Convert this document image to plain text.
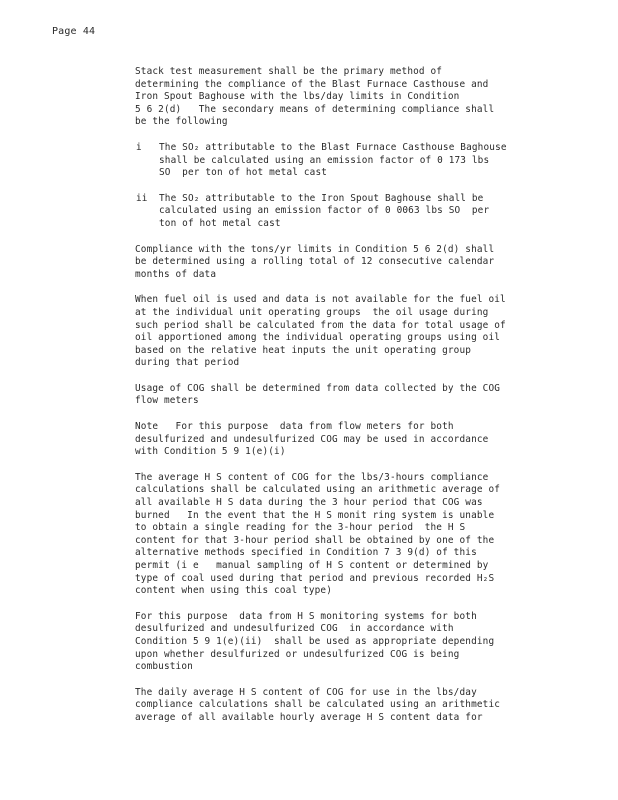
Page 44

Stack test measurement shall be the primary method of
determining the compliance of the Blast Furnace Casthouse and
Iron Spout Baghouse with the lbs/day limits in Condition
5 6 2(d)   The secondary means of determining compliance shall
be the following

i	The SO₂ attributable to the Blast Furnace Casthouse Baghouse
shall be calculated using an emission factor of 0 173 lbs
SO  per ton of hot metal cast
ii	The SO₂ attributable to the Iron Spout Baghouse shall be
calculated using an emission factor of 0 0063 lbs SO  per
ton of hot metal cast

Compliance with the tons/yr limits in Condition 5 6 2(d) shall
be determined using a rolling total of 12 consecutive calendar
months of data

When fuel oil is used and data is not available for the fuel oil
at the individual unit operating groups  the oil usage during
such period shall be calculated from the data for total usage of
oil apportioned among the individual operating groups using oil
based on the relative heat inputs the unit operating group
during that period

Usage of COG shall be determined from data collected by the COG
flow meters

Note   For this purpose  data from flow meters for both
desulfurized and undesulfurized COG may be used in accordance
with Condition 5 9 1(e)(i)

The average H S content of COG for the lbs/3-hours compliance
calculations shall be calculated using an arithmetic average of
all available H S data during the 3 hour period that COG was
burned   In the event that the H S monit ring system is unable
to obtain a single reading for the 3-hour period  the H S
content for that 3-hour period shall be obtained by one of the
alternative methods specified in Condition 7 3 9(d) of this
permit (i e   manual sampling of H S content or determined by
type of coal used during that period and previous recorded H₂S
content when using this coal type)

For this purpose  data from H S monitoring systems for both
desulfurized and undesulfurized COG  in accordance with
Condition 5 9 1(e)(ii)  shall be used as appropriate depending
upon whether desulfurized or undesulfurized COG is being
combustion

The daily average H S content of COG for use in the lbs/day
compliance calculations shall be calculated using an arithmetic
average of all available hourly average H S content data for
